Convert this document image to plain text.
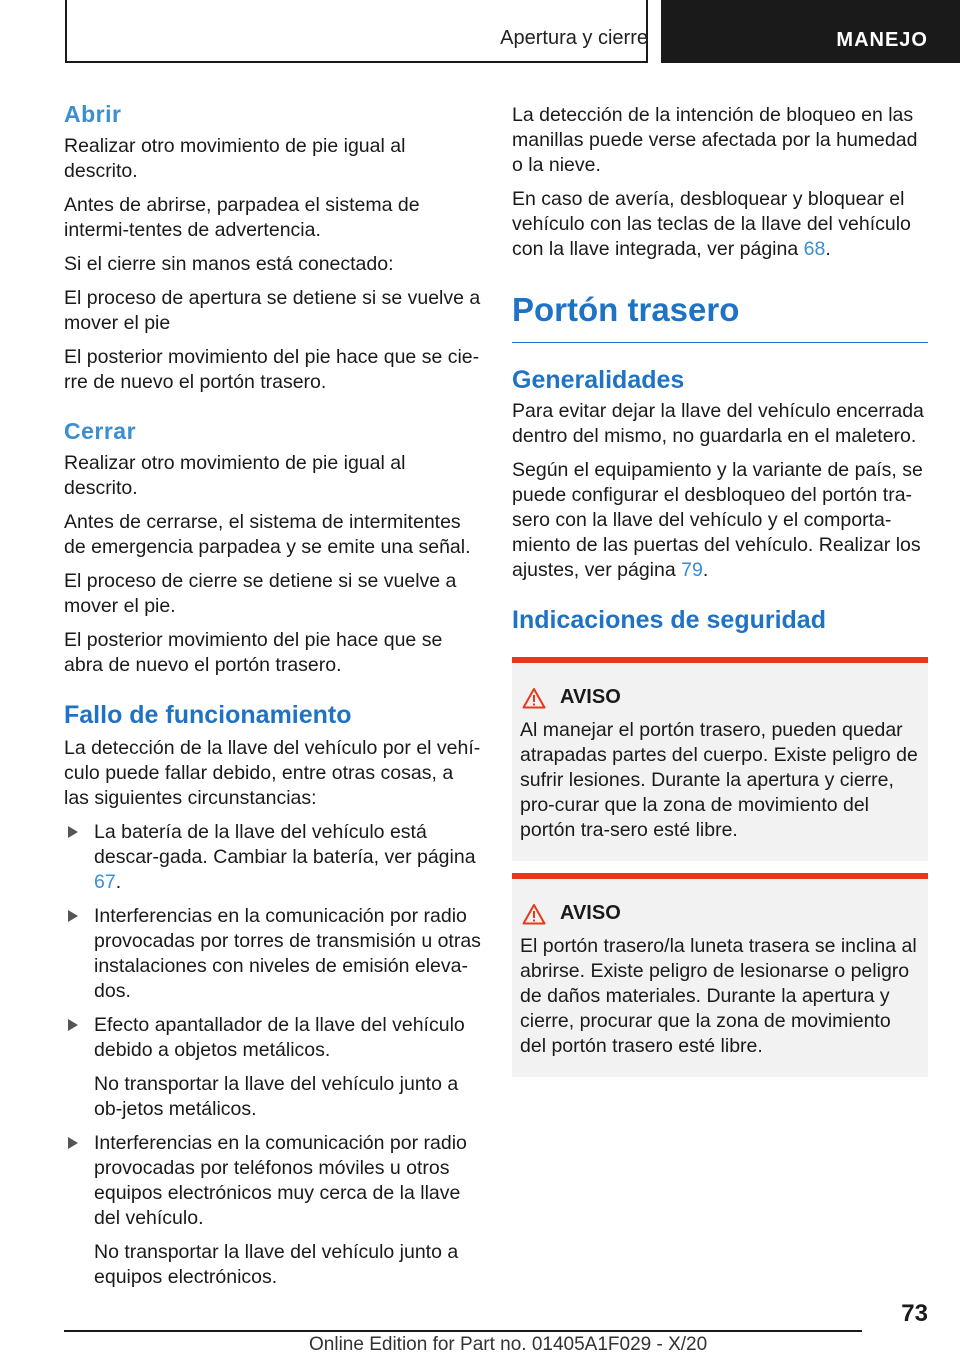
Apertura y cierre	MANEJO
Abrir

Realizar otro movimiento de pie igual al descrito.

Antes de abrirse, parpadea el sistema de intermi‐tentes de advertencia.

Si el cierre sin manos está conectado:

El proceso de apertura se detiene si se vuelve a mover el pie

El posterior movimiento del pie hace que se cie‐rre de nuevo el portón trasero.

Cerrar

Realizar otro movimiento de pie igual al descrito.

Antes de cerrarse, el sistema de intermitentes de emergencia parpadea y se emite una señal.

El proceso de cierre se detiene si se vuelve a mover el pie.

El posterior movimiento del pie hace que se abra de nuevo el portón trasero.

Fallo de funcionamiento

La detección de la llave del vehículo por el vehí‐culo puede fallar debido, entre otras cosas, a las siguientes circunstancias:

La batería de la llave del vehículo está descar‐gada. Cambiar la batería, ver página 67.
Interferencias en la comunicación por radio provocadas por torres de transmisión u otras instalaciones con niveles de emisión eleva‐dos.
Efecto apantallador de la llave del vehículo debido a objetos metálicos.
No transportar la llave del vehículo junto a ob‐jetos metálicos.
Interferencias en la comunicación por radio provocadas por teléfonos móviles u otros equipos electrónicos muy cerca de la llave del vehículo.
No transportar la llave del vehículo junto a equipos electrónicos.

La detección de la intención de bloqueo en las manillas puede verse afectada por la humedad o la nieve.

En caso de avería, desbloquear y bloquear el vehículo con las teclas de la llave del vehículo con la llave integrada, ver página 68.

Portón trasero
Generalidades

Para evitar dejar la llave del vehículo encerrada dentro del mismo, no guardarla en el maletero.

Según el equipamiento y la variante de país, se puede configurar el desbloqueo del portón tra‐sero con la llave del vehículo y el comporta‐miento de las puertas del vehículo. Realizar los ajustes, ver página 79.

Indicaciones de seguridad
AVISO
Al manejar el portón trasero, pueden quedar atrapadas partes del cuerpo. Existe peligro de sufrir lesiones. Durante la apertura y cierre, pro‐curar que la zona de movimiento del portón tra‐sero esté libre.
AVISO
El portón trasero/la luneta trasera se inclina al abrirse. Existe peligro de lesionarse o peligro de daños materiales. Durante la apertura y cierre, procurar que la zona de movimiento del portón trasero esté libre.
73
Online Edition for Part no. 01405A1F029 - X/20
